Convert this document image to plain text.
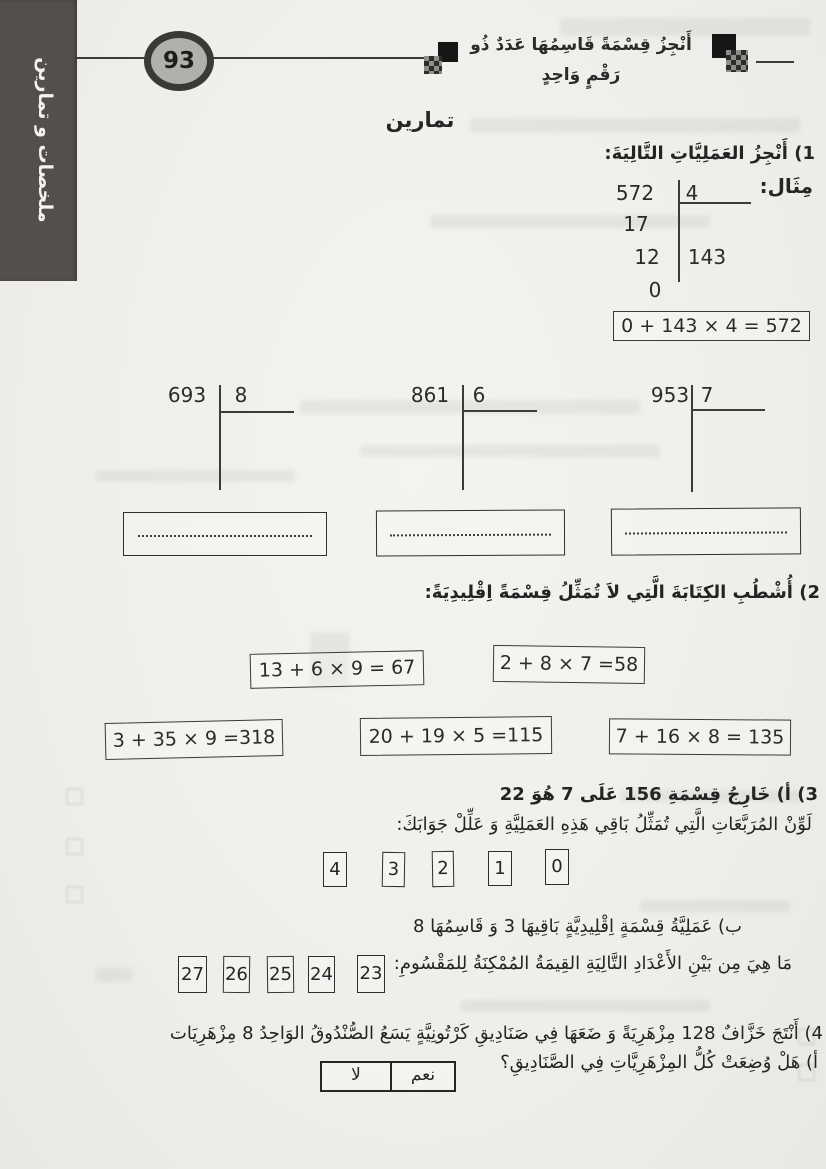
ملخصات و تمارين	93
أَنْجِزُ قِسْمَةً قَاسِمُهَا عَدَدٌ ذُو رَقْمٍ وَاحِدٍ
تمارين
1) أَنْجِزُ العَمَلِيَّاتِ التَّالِيَةَ:
مِثَال:
572 4
17
12	143
0
0 + 143 × 4 = 572
693 8	861 6	953 7
2) أُشْطُبِ الكِتَابَةَ الَّتِي لاَ تُمَثِّلُ قِسْمَةً اِقْلِيدِيَةً:
13 + 6 × 9 = 67	2 + 8 × 7 =58
3 + 35 × 9 =318	20 + 19 × 5 =115	7 + 16 × 8 = 135
3) أ) خَارِجُ قِسْمَةِ 156 عَلَى 7 هُوَ 22
لَوِّنْ المُرَبَّعَاتِ الَّتِي تُمَثِّلُ بَاقِي هَذِهِ العَمَلِيَّةِ وَ عَلِّلْ جَوَابَكَ:
4	3	2	1	0
ب) عَمَلِيَّةُ قِسْمَةٍ اِقْلِيدِيَّةٍ بَاقِيهَا 3 وَ قَاسِمُهَا 8
مَا هِيَ مِن بَيْنِ الأَعْدَادِ التَّالِيَةِ القِيمَةُ المُمْكِنَةُ لِلمَقْسُومِ:
27 26 25 24 23
4) أَنْتَجَ خَزَّافٌ 128 مِزْهَرِيَةً وَ ضَعَهَا فِي صَنَادِيقِ كَرْتُونِيَّةٍ يَسَعُ الصُّنْدُوقُ الوَاحِدُ 8 مِزْهَرِيَات
أ) هَلْ وُضِعَتْ كُلُّ المِزْهَرِيَّاتِ فِي الصَّنَادِيقِ؟
نعم
لا
